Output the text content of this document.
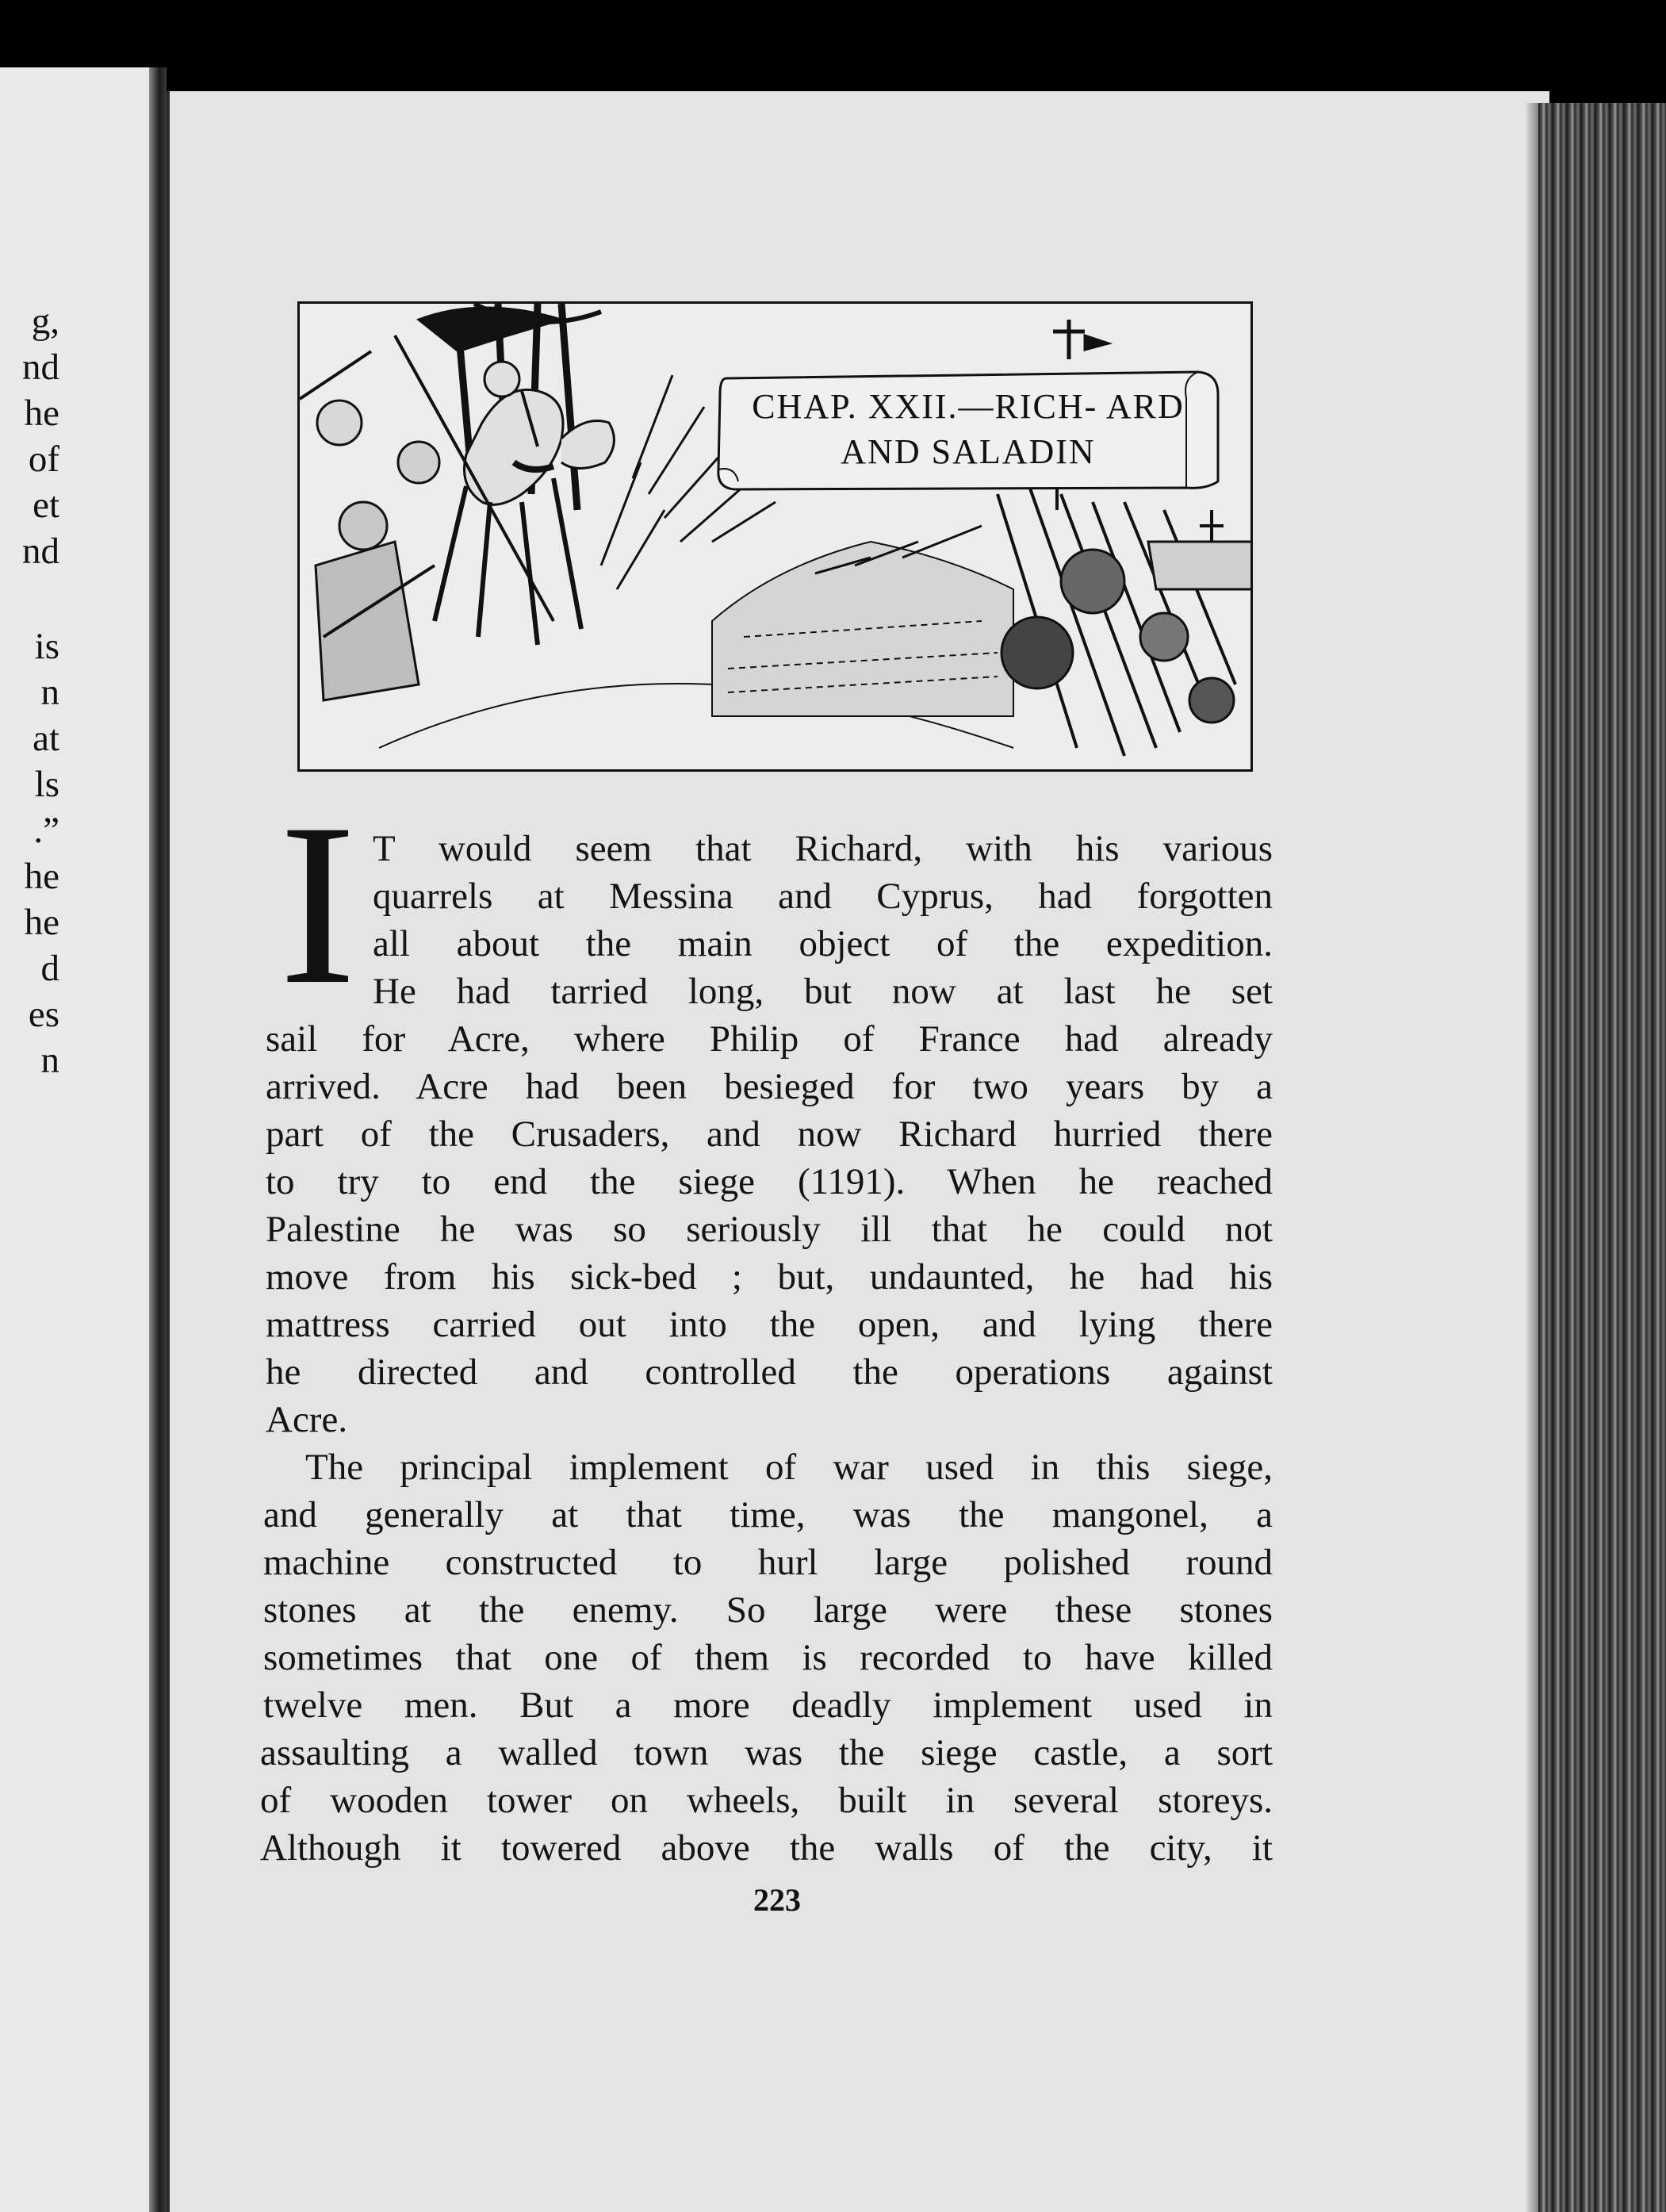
g,
nd
he
of
et
nd
is
n
at
ls
.”
he
he
d
es
n
CHAP. XXII.—RICH- ARD AND SALADIN
I T would seem that Richard, with his various
quarrels at Messina and Cyprus, had forgotten
all about the main object of the expedition.
He had tarried long, but now at last he set
sail for Acre, where Philip of France had already
arrived. Acre had been besieged for two years by a
part of the Crusaders, and now Richard hurried there
to try to end the siege (1191). When he reached
Palestine he was so seriously ill that he could not
move from his sick-bed ; but, undaunted, he had his
mattress carried out into the open, and lying there
he directed and controlled the operations against
Acre.
The principal implement of war used in this siege,
and generally at that time, was the mangonel, a
machine constructed to hurl large polished round
stones at the enemy. So large were these stones
sometimes that one of them is recorded to have killed
twelve men. But a more deadly implement used in
assaulting a walled town was the siege castle, a sort
of wooden tower on wheels, built in several storeys.
Although it towered above the walls of the city, it
223
